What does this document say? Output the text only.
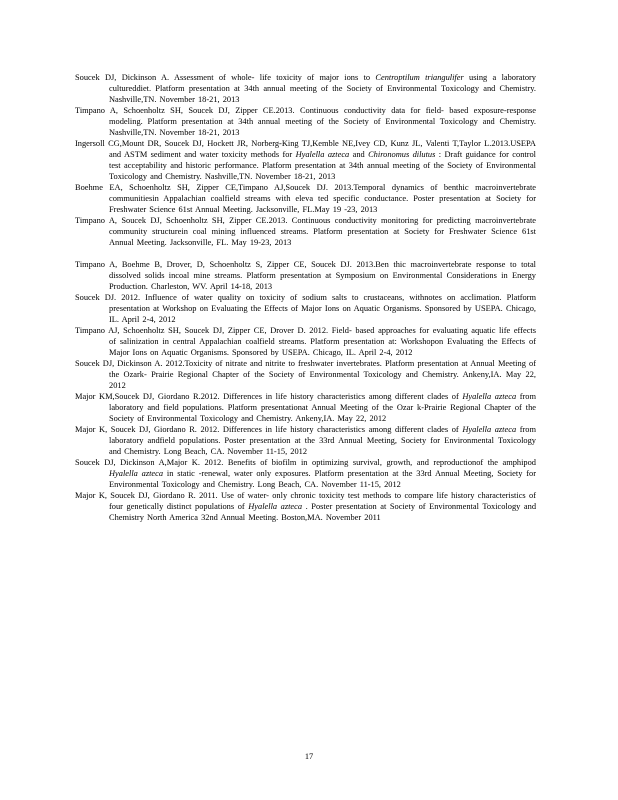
Soucek DJ, Dickinson A. Assessment of whole- life toxicity of major ions to Centroptilum triangulifer using a laboratory cultureddiet. Platform presentation at 34th annual meeting of the Society of Environmental Toxicology and Chemistry. Nashville,TN. November 18-21, 2013
Timpano A, Schoenholtz SH, Soucek DJ, Zipper CE.2013. Continuous conductivity data for field- based exposure-response modeling. Platform presentation at 34th annual meeting of the Society of Environmental Toxicology and Chemistry. Nashville,TN. November 18-21, 2013
Ingersoll CG,Mount DR, Soucek DJ, Hockett JR, Norberg-King TJ,Kemble NE,Ivey CD, Kunz JL, Valenti T,Taylor L.2013.USEPA and ASTM sediment and water toxicity methods for Hyalella azteca and Chironomus dilutus : Draft guidance for control test acceptability and historic performance. Platform presentation at 34th annual meeting of the Society of Environmental Toxicology and Chemistry. Nashville,TN. November 18-21, 2013
Boehme EA, Schoenholtz SH, Zipper CE,Timpano AJ,Soucek DJ. 2013.Temporal dynamics of benthic macroinvertebrate communitiesin Appalachian coalfield streams with eleva ted specific conductance. Poster presentation at Society for Freshwater Science 61st Annual Meeting. Jacksonville, FL.May 19 -23, 2013
Timpano A, Soucek DJ, Schoenholtz SH, Zipper CE.2013. Continuous conductivity monitoring for predicting macroinvertebrate community structurein coal mining influenced streams. Platform presentation at Society for Freshwater Science 61st Annual Meeting. Jacksonville, FL. May 19-23, 2013
Timpano A, Boehme B, Drover, D, Schoenholtz S, Zipper CE, Soucek DJ. 2013.Ben thic macroinvertebrate response to total dissolved solids incoal mine streams. Platform presentation at Symposium on Environmental Considerations in Energy Production. Charleston, WV. April 14-18, 2013
Soucek DJ. 2012. Influence of water quality on toxicity of sodium salts to crustaceans, withnotes on acclimation. Platform presentation at Workshop on Evaluating the Effects of Major Ions on Aquatic Organisms. Sponsored by USEPA. Chicago, IL. April 2-4, 2012
Timpano AJ, Schoenholtz SH, Soucek DJ, Zipper CE, Drover D. 2012. Field- based approaches for evaluating aquatic life effects of salinization in central Appalachian coalfield streams. Platform presentation at: Workshopon Evaluating the Effects of Major Ions on Aquatic Organisms. Sponsored by USEPA. Chicago, IL. April 2-4, 2012
Soucek DJ, Dickinson A. 2012.Toxicity of nitrate and nitrite to freshwater invertebrates. Platform presentation at Annual Meeting of the Ozark- Prairie Regional Chapter of the Society of Environmental Toxicology and Chemistry. Ankeny,IA. May 22, 2012
Major KM,Soucek DJ, Giordano R.2012. Differences in life history characteristics among different clades of Hyalella azteca from laboratory and field populations. Platform presentationat Annual Meeting of the Ozar k-Prairie Regional Chapter of the Society of Environmental Toxicology and Chemistry. Ankeny,IA. May 22, 2012
Major K, Soucek DJ, Giordano R. 2012. Differences in life history characteristics among different clades of Hyalella azteca from laboratory andfield populations. Poster presentation at the 33rd Annual Meeting, Society for Environmental Toxicology and Chemistry. Long Beach, CA. November 11-15, 2012
Soucek DJ, Dickinson A,Major K. 2012. Benefits of biofilm in optimizing survival, growth, and reproductionof the amphipod Hyalella azteca in static -renewal, water only exposures. Platform presentation at the 33rd Annual Meeting, Society for Environmental Toxicology and Chemistry. Long Beach, CA. November 11-15, 2012
Major K, Soucek DJ, Giordano R. 2011. Use of water- only chronic toxicity test methods to compare life history characteristics of four genetically distinct populations of Hyalella azteca . Poster presentation at Society of Environmental Toxicology and Chemistry North America 32nd Annual Meeting. Boston,MA. November 2011
17
